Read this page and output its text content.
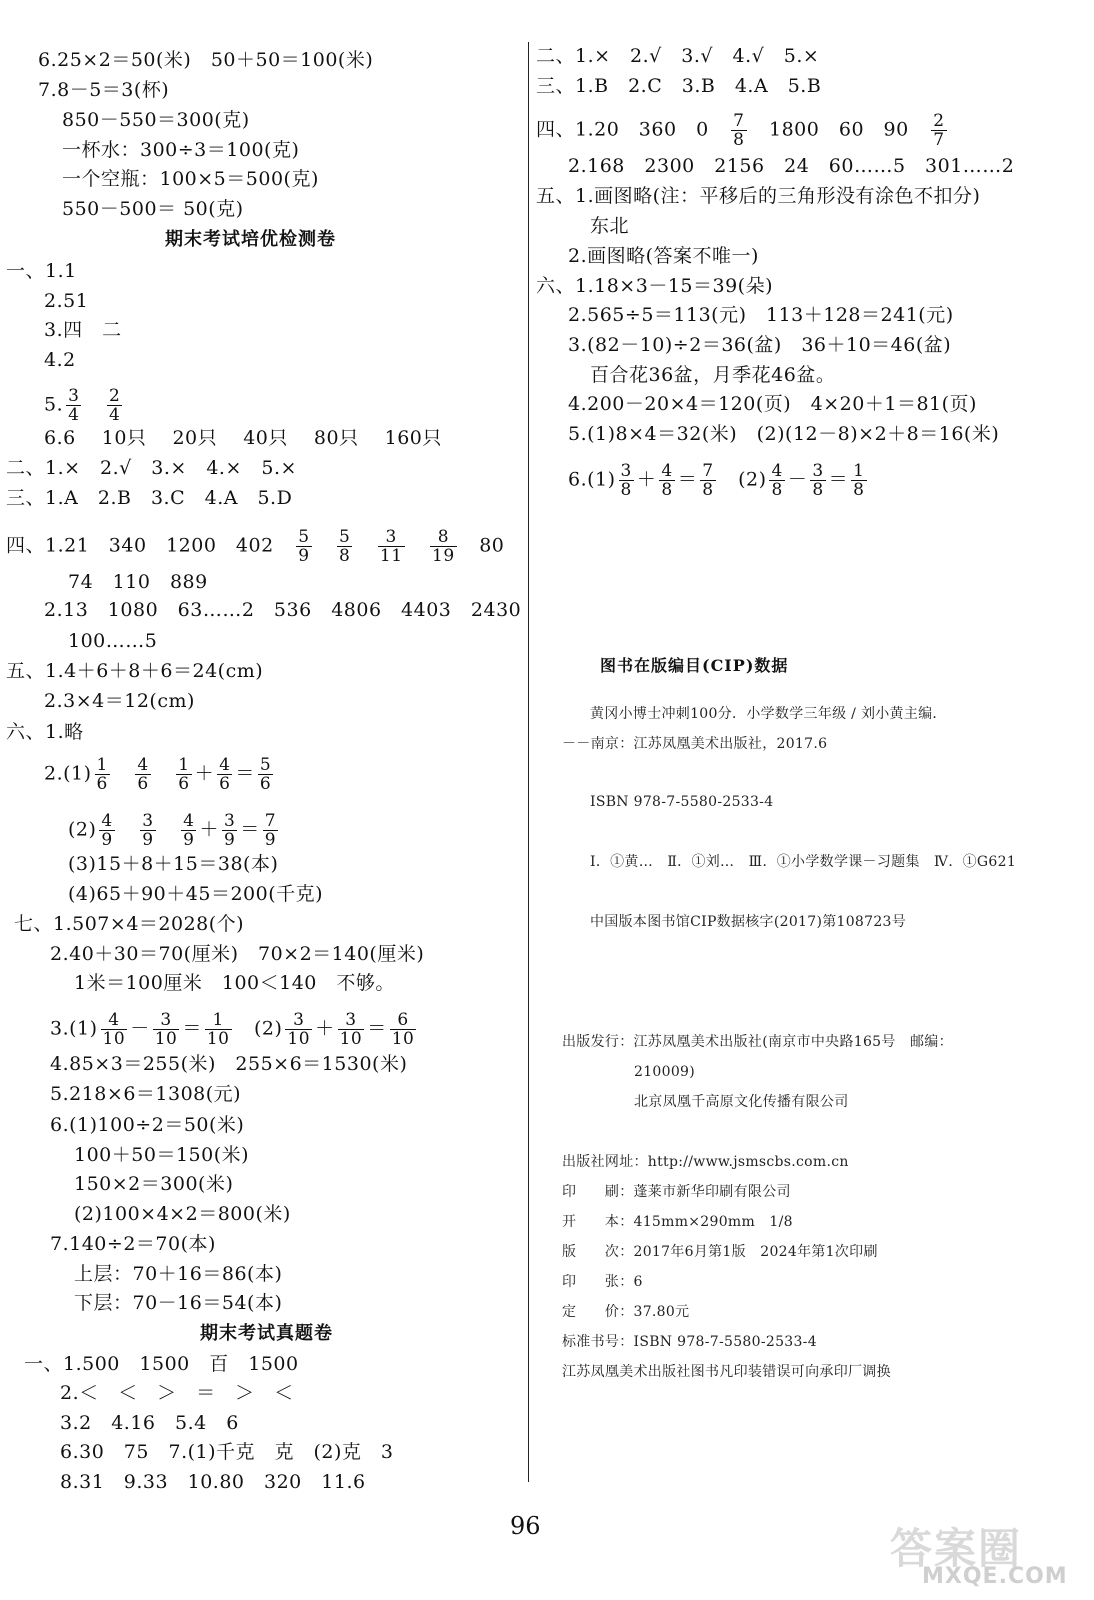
6.25×2＝50(米)　50＋50＝100(米)
7.8－5＝3(杯)
850－550＝300(克)
一杯水：300÷3＝100(克)
一个空瓶：100×5＝500(克)
550－500＝ 50(克)
期末考试培优检测卷
一、1.1
2.51
3.四　二
4.2
5. $\frac{3}{4}$
　 $\frac{2}{4}$
6.6　 10只　 20只　 40只　 80只　 160只
二、1.×　2.√　3.×　4.×　5.×
三、1.A　2.B　3.C　4.A　5.D
四、1.21　340　1200　402　 $\frac{5}{9}$
　 $\frac{5}{8}$
　 $\frac{3}{11}$
　 $\frac{8}{19}$ 　80
74　110　889
2.13　1080　63……2　536　4806　4403　2430
100……5
五、1.4＋6＋8＋6＝24(cm)
2.3×4＝12(cm)
六、1.略
$2.(1) \frac{1}{6}$
　 $\frac{4}{6}$
　 $\frac{1}{6} + \frac{4}{6} = \frac{5}{6}$
$(2) \frac{4}{9}$
　 $\frac{3}{9}$
　 $\frac{4}{9} + \frac{3}{9} = \frac{7}{9}$
(3)15＋8＋15＝38(本)
(4)65＋90＋45＝200(千克)
七、1.507×4＝2028(个)
2.40＋30＝70(厘米)　70×2＝140(厘米)
1米＝100厘米　100＜140　不够。
$3.(1) \frac{4}{10} - \frac{3}{10} = \frac{1}{10}$ 　$(2) \frac{3}{10} + \frac{3}{10} = \frac{6}{10}$
4.85×3＝255(米)　255×6＝1530(米)
5.218×6＝1308(元)
6.(1)100÷2＝50(米)
100＋50＝150(米)
150×2＝300(米)
(2)100×4×2＝800(米)
7.140÷2＝70(本)
上层：70＋16＝86(本)
下层：70－16＝54(本)
期末考试真题卷
一、1.500　1500　百　1500
2.＜　＜　＞　＝　＞　＜
3.2　4.16　5.4　6
6.30　75　7.(1)千克　克　(2)克　3
8.31　9.33　10.80　320　11.6
二、1.×　2.√　3.√　4.√　5.×
三、1.B　2.C　3.B　4.A　5.B
四、1.20　360　0　 $\frac{7}{8}$ 　1800　60　90　 $\frac{2}{7}$
2.168　2300　2156　24　60……5　301……2
五、1.画图略(注：平移后的三角形没有涂色不扣分)
东北
2.画图略(答案不唯一)
六、1.18×3－15＝39(朵)
2.565÷5＝113(元)　113＋128＝241(元)
3.(82－10)÷2＝36(盆)　36＋10＝46(盆)
百合花36盆，月季花46盆。
4.200－20×4＝120(页)　4×20＋1＝81(页)
5.(1)8×4＝32(米)　(2)(12－8)×2＋8＝16(米)
$6.(1) \frac{3}{8} + \frac{4}{8} = \frac{7}{8}$ 　$(2) \frac{4}{8} - \frac{3}{8} = \frac{1}{8}$
图书在版编目(CIP)数据
黄冈小博士冲刺100分．小学数学三年级 / 刘小黄主编．
－－南京：江苏凤凰美术出版社，2017.6
ISBN 978-7-5580-2533-4
Ⅰ．①黄…　Ⅱ．①刘…　Ⅲ．①小学数学课－习题集　Ⅳ．①G621
中国版本图书馆CIP数据核字(2017)第108723号
出版发行：江苏凤凰美术出版社(南京市中央路165号　邮编：
210009)
北京凤凰千高原文化传播有限公司
出版社网址：http://www.jsmscbs.com.cn
印　　刷：蓬莱市新华印刷有限公司
开　　本：415mm×290mm　1/8
版　　次：2017年6月第1版　2024年第1次印刷
印　　张：6
定　　价：37.80元
标准书号：ISBN 978-7-5580-2533-4
江苏凤凰美术出版社图书凡印装错误可向承印厂调换
96	答案圈
MXQE.COM
